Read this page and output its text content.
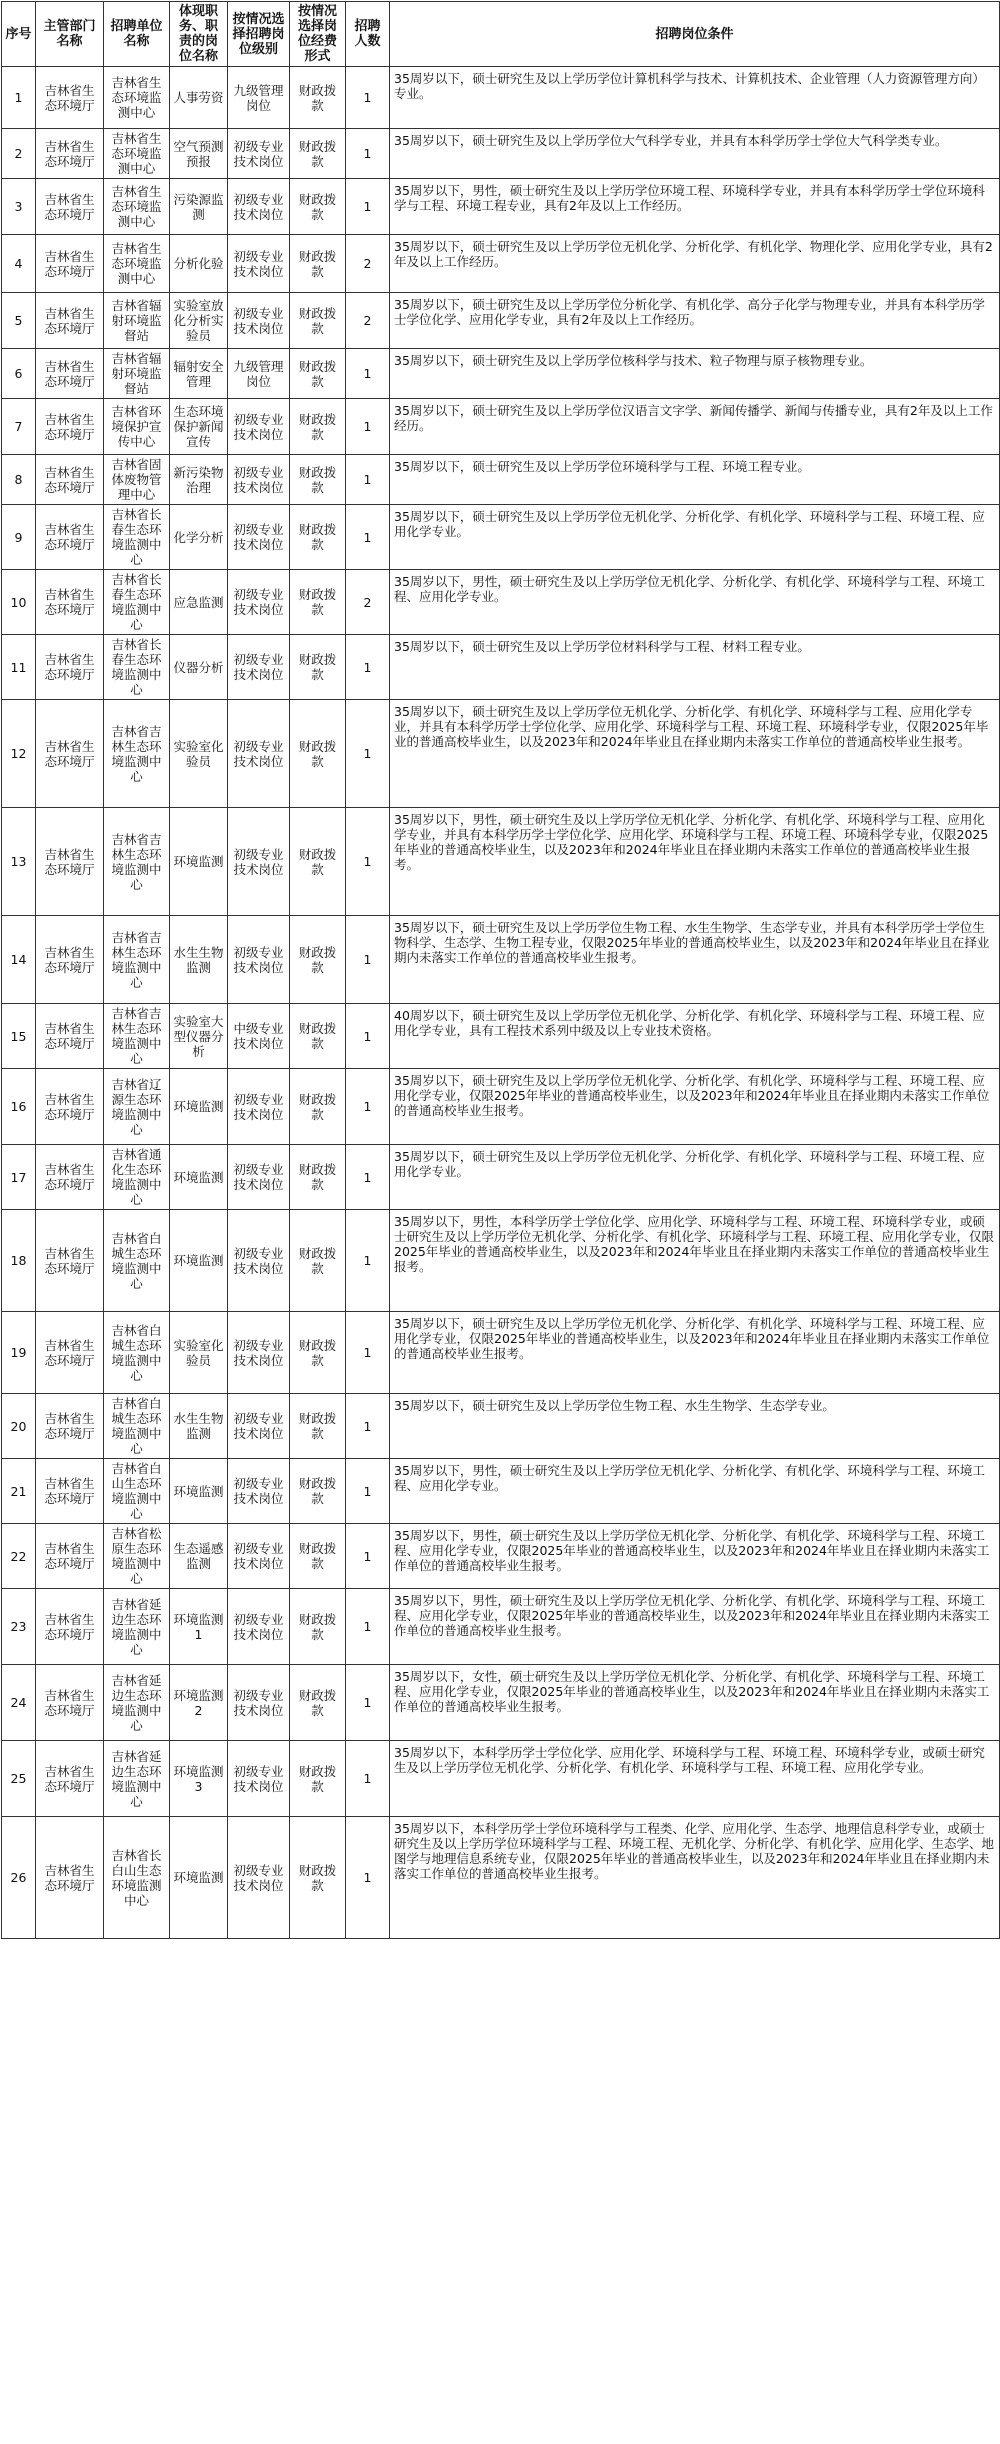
序号	主管部门名称	招聘单位名称	体现职务、职责的岗位名称	按情况选择招聘岗位级别	按情况选择岗位经费形式	招聘人数	招聘岗位条件
1	吉林省生态环境厅	吉林省生态环境监测中心	人事劳资	九级管理岗位	财政拨款	1	35周岁以下，硕士研究生及以上学历学位计算机科学与技术、计算机技术、企业管理（人力资源管理方向）专业。
2	吉林省生态环境厅	吉林省生态环境监测中心	空气预测预报	初级专业技术岗位	财政拨款	1	35周岁以下，硕士研究生及以上学历学位大气科学专业，并具有本科学历学士学位大气科学类专业。
3	吉林省生态环境厅	吉林省生态环境监测中心	污染源监测	初级专业技术岗位	财政拨款	1	35周岁以下，男性，硕士研究生及以上学历学位环境工程、环境科学专业，并具有本科学历学士学位环境科学与工程、环境工程专业，具有2年及以上工作经历。
4	吉林省生态环境厅	吉林省生态环境监测中心	分析化验	初级专业技术岗位	财政拨款	2	35周岁以下，硕士研究生及以上学历学位无机化学、分析化学、有机化学、物理化学、应用化学专业，具有2年及以上工作经历。
5	吉林省生态环境厅	吉林省辐射环境监督站	实验室放化分析实验员	初级专业技术岗位	财政拨款	2	35周岁以下，硕士研究生及以上学历学位分析化学、有机化学、高分子化学与物理专业，并具有本科学历学士学位化学、应用化学专业，具有2年及以上工作经历。
6	吉林省生态环境厅	吉林省辐射环境监督站	辐射安全管理	九级管理岗位	财政拨款	1	35周岁以下，硕士研究生及以上学历学位核科学与技术、粒子物理与原子核物理专业。
7	吉林省生态环境厅	吉林省环境保护宣传中心	生态环境保护新闻宣传	初级专业技术岗位	财政拨款	1	35周岁以下，硕士研究生及以上学历学位汉语言文字学、新闻传播学、新闻与传播专业，具有2年及以上工作经历。
8	吉林省生态环境厅	吉林省固体废物管理中心	新污染物治理	初级专业技术岗位	财政拨款	1	35周岁以下，硕士研究生及以上学历学位环境科学与工程、环境工程专业。
9	吉林省生态环境厅	吉林省长春生态环境监测中心	化学分析	初级专业技术岗位	财政拨款	1	35周岁以下，硕士研究生及以上学历学位无机化学、分析化学、有机化学、环境科学与工程、环境工程、应用化学专业。
10	吉林省生态环境厅	吉林省长春生态环境监测中心	应急监测	初级专业技术岗位	财政拨款	2	35周岁以下，男性，硕士研究生及以上学历学位无机化学、分析化学、有机化学、环境科学与工程、环境工程、应用化学专业。
11	吉林省生态环境厅	吉林省长春生态环境监测中心	仪器分析	初级专业技术岗位	财政拨款	1	35周岁以下，硕士研究生及以上学历学位材料科学与工程、材料工程专业。
12	吉林省生态环境厅	吉林省吉林生态环境监测中心	实验室化验员	初级专业技术岗位	财政拨款	1	35周岁以下，硕士研究生及以上学历学位无机化学、分析化学、有机化学、环境科学与工程、应用化学专业，并具有本科学历学士学位化学、应用化学、环境科学与工程、环境工程、环境科学专业，仅限2025年毕业的普通高校毕业生，以及2023年和2024年毕业且在择业期内未落实工作单位的普通高校毕业生报考。
13	吉林省生态环境厅	吉林省吉林生态环境监测中心	环境监测	初级专业技术岗位	财政拨款	1	35周岁以下，男性，硕士研究生及以上学历学位无机化学、分析化学、有机化学、环境科学与工程、应用化学专业，并具有本科学历学士学位化学、应用化学、环境科学与工程、环境工程、环境科学专业，仅限2025年毕业的普通高校毕业生，以及2023年和2024年毕业且在择业期内未落实工作单位的普通高校毕业生报考。
14	吉林省生态环境厅	吉林省吉林生态环境监测中心	水生生物监测	初级专业技术岗位	财政拨款	1	35周岁以下，硕士研究生及以上学历学位生物工程、水生生物学、生态学专业，并具有本科学历学士学位生物科学、生态学、生物工程专业，仅限2025年毕业的普通高校毕业生，以及2023年和2024年毕业且在择业期内未落实工作单位的普通高校毕业生报考。
15	吉林省生态环境厅	吉林省吉林生态环境监测中心	实验室大型仪器分析	中级专业技术岗位	财政拨款	1	40周岁以下，硕士研究生及以上学历学位无机化学、分析化学、有机化学、环境科学与工程、环境工程、应用化学专业，具有工程技术系列中级及以上专业技术资格。
16	吉林省生态环境厅	吉林省辽源生态环境监测中心	环境监测	初级专业技术岗位	财政拨款	1	35周岁以下，硕士研究生及以上学历学位无机化学、分析化学、有机化学、环境科学与工程、环境工程、应用化学专业，仅限2025年毕业的普通高校毕业生，以及2023年和2024年毕业且在择业期内未落实工作单位的普通高校毕业生报考。
17	吉林省生态环境厅	吉林省通化生态环境监测中心	环境监测	初级专业技术岗位	财政拨款	1	35周岁以下，硕士研究生及以上学历学位无机化学、分析化学、有机化学、环境科学与工程、环境工程、应用化学专业。
18	吉林省生态环境厅	吉林省白城生态环境监测中心	环境监测	初级专业技术岗位	财政拨款	1	35周岁以下，男性，本科学历学士学位化学、应用化学、环境科学与工程、环境工程、环境科学专业，或硕士研究生及以上学历学位无机化学、分析化学、有机化学、环境科学与工程、环境工程、应用化学专业，仅限2025年毕业的普通高校毕业生，以及2023年和2024年毕业且在择业期内未落实工作单位的普通高校毕业生报考。
19	吉林省生态环境厅	吉林省白城生态环境监测中心	实验室化验员	初级专业技术岗位	财政拨款	1	35周岁以下，硕士研究生及以上学历学位无机化学、分析化学、有机化学、环境科学与工程、环境工程、应用化学专业，仅限2025年毕业的普通高校毕业生，以及2023年和2024年毕业且在择业期内未落实工作单位的普通高校毕业生报考。
20	吉林省生态环境厅	吉林省白城生态环境监测中心	水生生物监测	初级专业技术岗位	财政拨款	1	35周岁以下，硕士研究生及以上学历学位生物工程、水生生物学、生态学专业。
21	吉林省生态环境厅	吉林省白山生态环境监测中心	环境监测	初级专业技术岗位	财政拨款	1	35周岁以下，男性，硕士研究生及以上学历学位无机化学、分析化学、有机化学、环境科学与工程、环境工程、应用化学专业。
22	吉林省生态环境厅	吉林省松原生态环境监测中心	生态遥感监测	初级专业技术岗位	财政拨款	1	35周岁以下，男性，硕士研究生及以上学历学位无机化学、分析化学、有机化学、环境科学与工程、环境工程、应用化学专业，仅限2025年毕业的普通高校毕业生，以及2023年和2024年毕业且在择业期内未落实工作单位的普通高校毕业生报考。
23	吉林省生态环境厅	吉林省延边生态环境监测中心	环境监测1	初级专业技术岗位	财政拨款	1	35周岁以下，男性，硕士研究生及以上学历学位无机化学、分析化学、有机化学、环境科学与工程、环境工程、应用化学专业，仅限2025年毕业的普通高校毕业生，以及2023年和2024年毕业且在择业期内未落实工作单位的普通高校毕业生报考。
24	吉林省生态环境厅	吉林省延边生态环境监测中心	环境监测2	初级专业技术岗位	财政拨款	1	35周岁以下，女性，硕士研究生及以上学历学位无机化学、分析化学、有机化学、环境科学与工程、环境工程、应用化学专业，仅限2025年毕业的普通高校毕业生，以及2023年和2024年毕业且在择业期内未落实工作单位的普通高校毕业生报考。
25	吉林省生态环境厅	吉林省延边生态环境监测中心	环境监测3	初级专业技术岗位	财政拨款	1	35周岁以下，本科学历学士学位化学、应用化学、环境科学与工程、环境工程、环境科学专业，或硕士研究生及以上学历学位无机化学、分析化学、有机化学、环境科学与工程、环境工程、应用化学专业。
26	吉林省生态环境厅	吉林省长白山生态环境监测中心	环境监测	初级专业技术岗位	财政拨款	1	35周岁以下，本科学历学士学位环境科学与工程类、化学、应用化学、生态学、地理信息科学专业，或硕士研究生及以上学历学位环境科学与工程、环境工程、无机化学、分析化学、有机化学、应用化学、生态学、地图学与地理信息系统专业，仅限2025年毕业的普通高校毕业生，以及2023年和2024年毕业且在择业期内未落实工作单位的普通高校毕业生报考。
